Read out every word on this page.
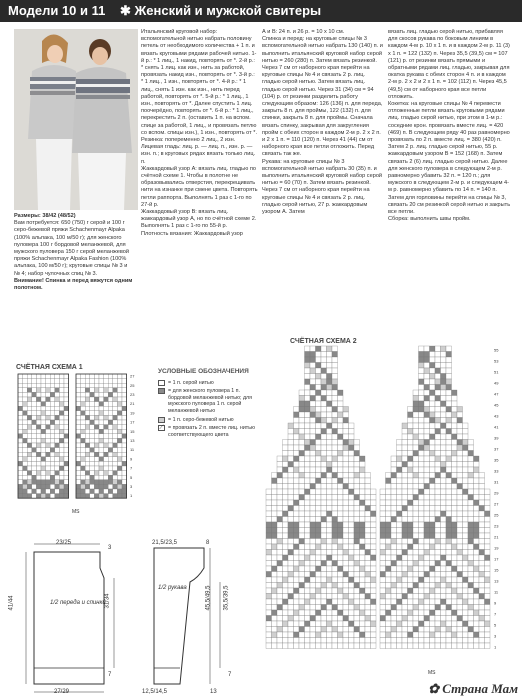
Модели 10 и 11 ✱ Женский и мужской свитеры

Размеры: 38/42 (48/52)

Вам потребуется: 650 (750) г серой и 100 г серо-бежевой пряжи Schachenmayr Alpaka (100% альпака, 100 м/50 г); для женского пуловера 100 г бордовой меланжевой, для мужского пуловера 150 г серой меланжевой пряжи Schachenmayr Alpaka Fashion (100% альпака, 100 м/50 г); круговые спицы № 3 и № 4; набор чулочных спиц № 3.

Внимание! Спинка и перед вяжутся одним полотном.

Итальянский круговой набор: вспомогательной нитью набрать половину петель от необходимого количества + 1 п. и вязать круговыми рядами рабочей нитью. 1-й р.: * 1 лиц., 1 накид, повторять от *. 2-й р.: * снять 1 лиц. как изн., нить за работой, провязать накид изн., повторять от *. 3-й р.: * 1 лиц., 1 изн., повторять от *. 4-й р.: * 1 лиц., снять 1 изн. как изн., нить перед работой, повторять от *. 5-й р.: * 1 лиц., 1 изн., повторять от *. Далее спустить 1 лиц. поочерёдно, повторять от *. 6-й р.: * 1 лиц., перекрестить 2 п. (оставить 1 п. на вспом. спице за работой, 1 лиц., и провязать петлю со вспом. спицы изн.), 1 изн., повторять от *.

Резинка: попеременно 2 лиц., 2 изн.

Лицевая гладь: лиц. р. — лиц. п., изн. р. — изн. п.; в круговых рядах вязать только лиц. п.

Жаккардовый узор А: вязать лиц. гладью по счётной схеме 1. Чтобы в полотне не образовывались отверстия, перекрещивать нити на изнанке при смене цвета. Повторять петли раппорта. Выполнять 1 раз с 1-го по 27-й р.

Жаккардовый узор В: вязать лиц. жаккардовый узор А, но по счётной схеме 2. Выполнять 1 раз с 1-го по 55-й р.

Плотность вязания: Жаккардовый узор

А и В: 24 п. и 26 р. = 10 х 10 см.

Спинка и перед: на круговые спицы № 3 вспомогательной нитью набрать 130 (140) п. и выполнить итальянский круговой набор серой нитью = 260 (280) п. Затем вязать резинкой. Через 7 см от наборного края перейти на круговые спицы № 4 и связать 2 р. лиц. гладью серой нитью. Затем вязать лиц. гладью серой нитью. Через 31 (34) см = 94 (104) р. от резинки разделить работу следующим образом: 126 (136) п. для переда, закрыть 8 п. для проймы, 122 (132) п. для спинки, закрыть 8 п. для проймы. Сначала вязать спинку, закрывая для закругления пройм с обеих сторон в каждом 2-м р. 2 х 2 п. и 2 х 1 п. = 110 (120) п. Через 41 (44) см от наборного края все петли отложить. Перед связать так же.

Рукава: на круговые спицы № 3 вспомогательной нитью набрать 30 (35) п. и выполнить итальянский круговой набор серой нитью = 60 (70) п. Затем вязать резинкой. Через 7 см от наборного края перейти на круговые спицы № 4 и связать 2 р. лиц. гладью серой нитью, 27 р. жаккардовым узором А. Затем

вязать лиц. гладью серой нитью, прибавляя для скосов рукава по боковым линиям в каждом 4-м р. 10 х 1 п. и в каждом 2-м р. 11 (3) х 1 п. = 122 (132) п. Через 35,5 (39,5) см = 107 (121) р. от резинки вязать прямыми и обратными рядами лиц. гладью, закрывая для окатка рукава с обеих сторон 4 п. и в каждом 2-м р. 2 х 2 и 2 х 1 п. = 102 (112) п. Через 45,5 (49,5) см от наборного края все петли отложить.

Кокетка: на круговые спицы № 4 перевести отложенные петли вязать круговыми рядами лиц. гладью серой нитью, при этом в 1-м р.: соседние крон. провязать вместе лиц. = 420 (469) п. В следующем ряду 40 раз равномерно провязать по 2 п. вместе лиц. = 380 (420) п. Затем 2 р. лиц. гладью серой нитью, 55 р. жаккардовым узором В = 152 (168) п. Затем связать 2 (6) лиц. гладью серой нитью. Далее для женского пуловера в следующем 2-м р. равномерно убавить 32 п. = 120 п.; для мужского в следующем 2-м р. и следующем 4-м р. равномерно убавить по 14 п. = 140 п. Затем для горловины перейти на спицы № 3, связать 20 см резинкой серой нитью и закрыть все петли.

Сборка: выполнить швы пройм.

СЧЁТНАЯ СХЕМА 1
27
25
23
21
19
17
15
13
11
9
7
5
3
1
MS
УСЛОВНЫЕ ОБОЗНАЧЕНИЯ
= 1 п. серой нитью
= для женского пуловера 1 п. бордовой меланжевой нитью; для мужского пуловера 1 п. серой меланжевой нитью
= 1 п. серо-бежевой нитью
⟋ = провязать 2 п. вместе лиц. нитью соответствующего цвета
СЧЁТНАЯ СХЕМА 2
55
53
51
49
47
45
43
41
39
37
35
33
31
29
27
25
23
21
19
17
15
13
11
9
7
5
3
1
MS
23/25
3
41/44	31/34
1/2 переда и спинки
7
27/29
21,5/23,5	8
45,5/49,5 35,5/39,5
1/2 рукава
7
12,5/14,5	13	✿ Страна Мам
